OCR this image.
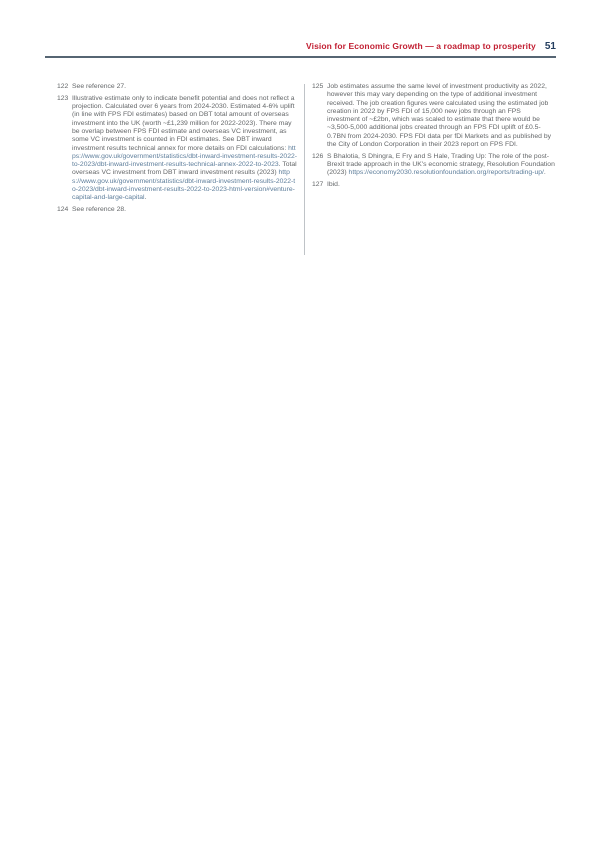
Vision for Economic Growth — a roadmap to prosperity 51
122 See reference 27.
123 Illustrative estimate only to indicate benefit potential and does not reflect a projection. Calculated over 6 years from 2024-2030. Estimated 4-6% uplift (in line with FPS FDI estimates) based on DBT total amount of overseas investment into the UK (worth ~£1,239 million for 2022-2023). There may be overlap between FPS FDI estimate and overseas VC investment, as some VC investment is counted in FDI estimates. See DBT inward investment results technical annex for more details on FDI calculations: https://www.gov.uk/government/statistics/dbt-inward-investment-results-2022-to-2023/dbt-inward-investment-results-technical-annex-2022-to-2023. Total overseas VC investment from DBT inward investment results (2023) https://www.gov.uk/government/statistics/dbt-inward-investment-results-2022-to-2023/dbt-inward-investment-results-2022-to-2023-html-version#venture-capital-and-large-capital.
124 See reference 28.
125 Job estimates assume the same level of investment productivity as 2022, however this may vary depending on the type of additional investment received. The job creation figures were calculated using the estimated job creation in 2022 by FPS FDI of 15,000 new jobs through an FPS investment of ~£2bn, which was scaled to estimate that there would be ~3,500-5,000 additional jobs created through an FPS FDI uplift of £0.5-0.7BN from 2024-2030. FPS FDI data per fDi Markets and as published by the City of London Corporation in their 2023 report on FPS FDI.
126 S Bhalotia, S Dhingra, E Fry and S Hale, Trading Up: The role of the post-Brexit trade approach in the UK's economic strategy, Resolution Foundation (2023) https://economy2030.resolutionfoundation.org/reports/trading-up/.
127 Ibid.
